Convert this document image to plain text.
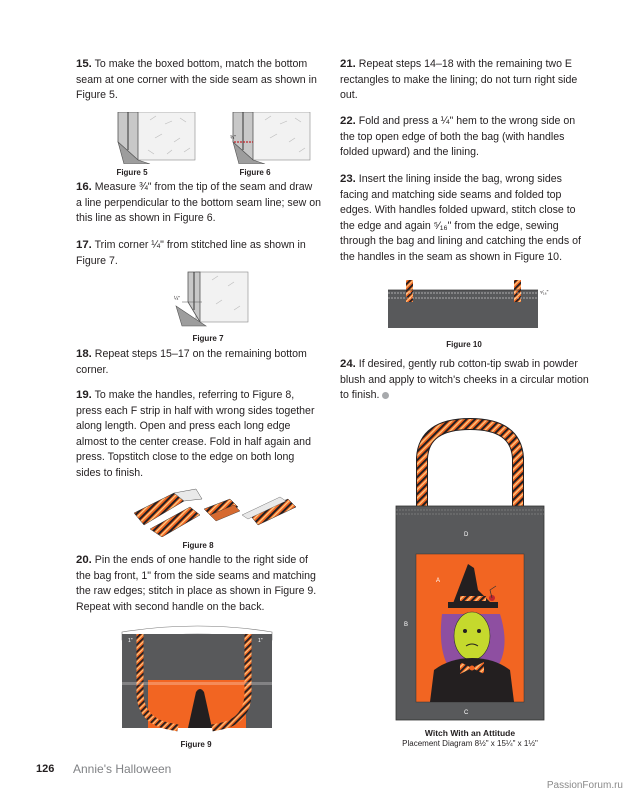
15. To make the boxed bottom, match the bottom seam at one corner with the side seam as shown in Figure 5.
Figure 5
¾"
Figure 6
16. Measure ¾" from the tip of the seam and draw a line perpendicular to the bottom seam line; sew on this line as shown in Figure 6.
17. Trim corner ¼" from stitched line as shown in Figure 7.
¼"
Figure 7
18. Repeat steps 15–17 on the remaining bottom corner.
19. To make the handles, referring to Figure 8, press each F strip in half with wrong sides together along length. Open and press each long edge almost to the center crease. Fold in half again and press. Topstitch close to the edge on both long sides to finish.
Figure 8
20. Pin the ends of one handle to the right side of the bag front, 1" from the side seams and matching the raw edges; stitch in place as shown in Figure 9. Repeat with second handle on the back.
1"	1"
Figure 9
21. Repeat steps 14–18 with the remaining two E rectangles to make the lining; do not turn right side out.
22. Fold and press a ¼" hem to the wrong side on the top open edge of both the bag (with handles folded upward) and the lining.
23. Insert the lining inside the bag, wrong sides facing and matching side seams and folded top edges. With handles folded upward, stitch close to the edge and again ⁵⁄₁₆" from the edge, sewing through the bag and lining and catching the ends of the handles in the seam as shown in Figure 10.
⁵⁄₁₆"
Figure 10
24. If desired, gently rub cotton-tip swab in powder blush and apply to witch's cheeks in a circular motion to finish.
D
A
B
C
Witch With an Attitude
Placement Diagram 8½" x 15¼" x 1½"
126 Annie's Halloween
PassionForum.ru
